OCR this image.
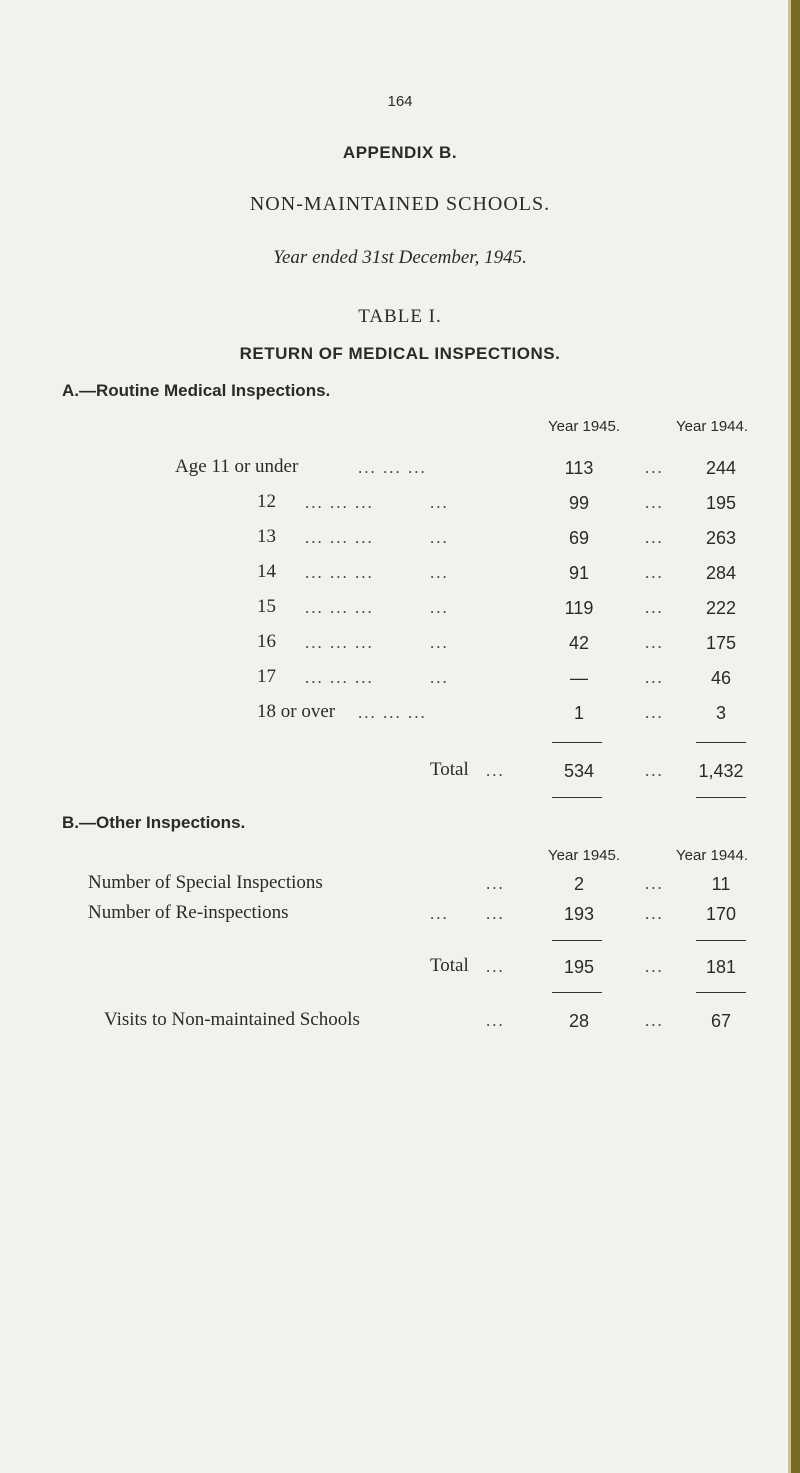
164
APPENDIX B.
NON-MAINTAINED SCHOOLS.
Year ended 31st December, 1945.
TABLE I.
RETURN OF MEDICAL INSPECTIONS.
A.—Routine Medical Inspections.
Year 1945.	Year 1944.
Age 11 or under	... ... ...	113	...	244
12 ... ... ...	...	99	...	195
13 ... ... ...	...	69	...	263
14 ... ... ...	...	91	...	284
15 ... ... ...	...	119	...	222
16 ... ... ...	...	42	...	175
17 ... ... ...	...	—	...	46
18 or over ... ... ...	1	...	3
Total ...	534	...	1,432
B.—Other Inspections.
Year 1945.	Year 1944.
Number of Special Inspections	...	2	...	11
Number of Re-inspections	... ...	193	...	170
Total ...	195	...	181
Visits to Non-maintained Schools	...	28	...	67
